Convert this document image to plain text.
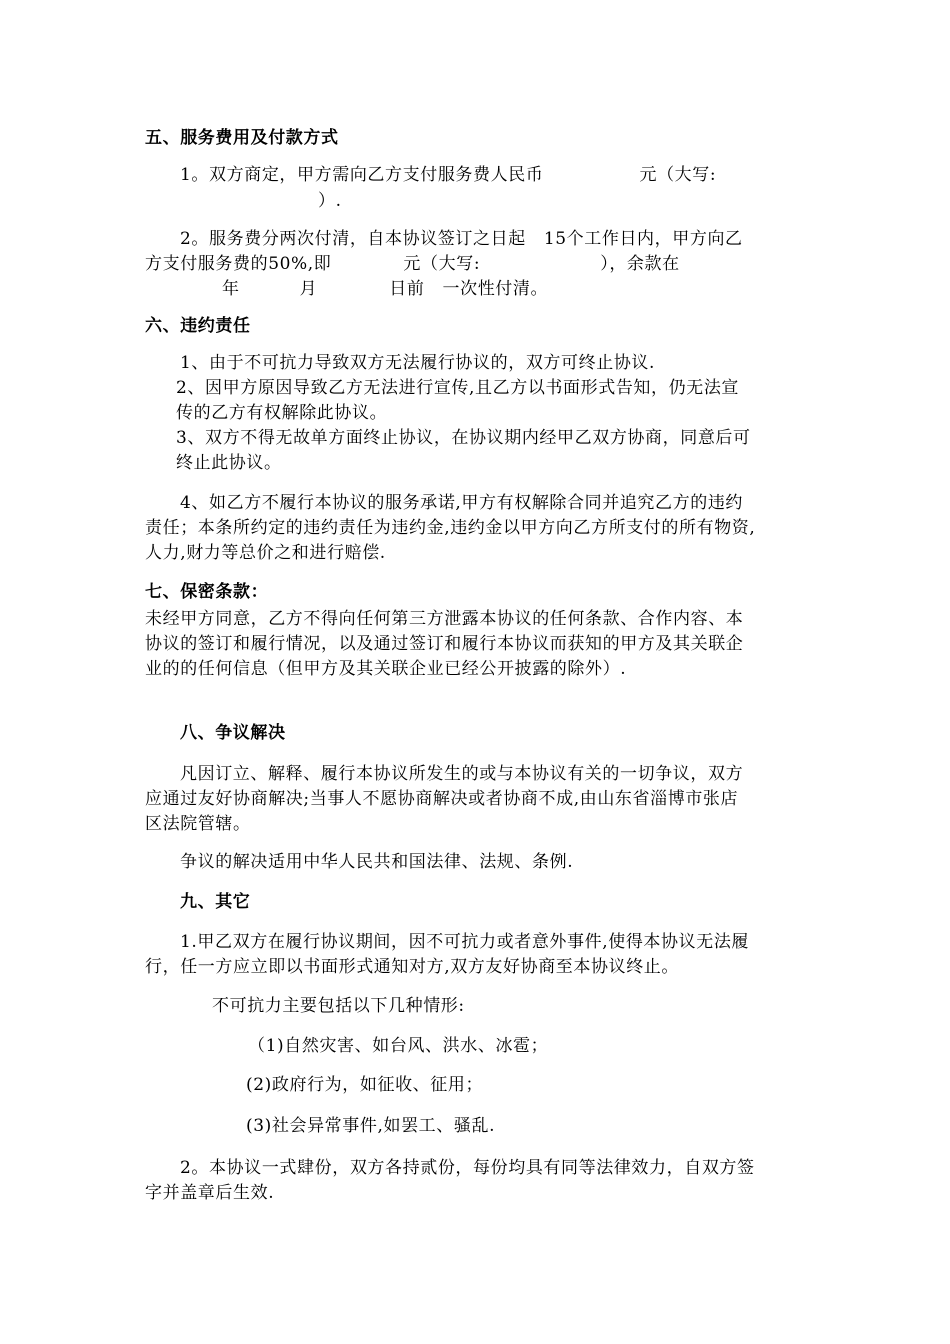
五、服务费用及付款方式
1。双方商定，甲方需向乙方支付服务费人民币                元（大写:
）.
2。服务费分两次付清，自本协议签订之日起   15个工作日内，甲方向乙
方支付服务费的50%,即            元（大写:                    ），余款在
年          月            日前   一次性付清。
六、违约责任
1、由于不可抗力导致双方无法履行协议的，双方可终止协议.
2、因甲方原因导致乙方无法进行宣传,且乙方以书面形式告知，仍无法宣
传的乙方有权解除此协议。
3、双方不得无故单方面终止协议，在协议期内经甲乙双方协商，同意后可
终止此协议。
4、如乙方不履行本协议的服务承诺,甲方有权解除合同并追究乙方的违约
责任；本条所约定的违约责任为违约金,违约金以甲方向乙方所支付的所有物资,
人力,财力等总价之和进行赔偿.
七、保密条款：
未经甲方同意，乙方不得向任何第三方泄露本协议的任何条款、合作内容、本
协议的签订和履行情况，以及通过签订和履行本协议而获知的甲方及其关联企
业的的任何信息（但甲方及其关联企业已经公开披露的除外）.
八、争议解决
凡因订立、解释、履行本协议所发生的或与本协议有关的一切争议，双方
应通过友好协商解决;当事人不愿协商解决或者协商不成,由山东省淄博市张店
区法院管辖。
争议的解决适用中华人民共和国法律、法规、条例.
九、其它
1.甲乙双方在履行协议期间，因不可抗力或者意外事件,使得本协议无法履
行，任一方应立即以书面形式通知对方,双方友好协商至本协议终止。
不可抗力主要包括以下几种情形:
（1)自然灾害、如台风、洪水、冰雹；
(2)政府行为，如征收、征用；
(3)社会异常事件,如罢工、骚乱.
2。本协议一式肆份，双方各持贰份，每份均具有同等法律效力，自双方签
字并盖章后生效.
